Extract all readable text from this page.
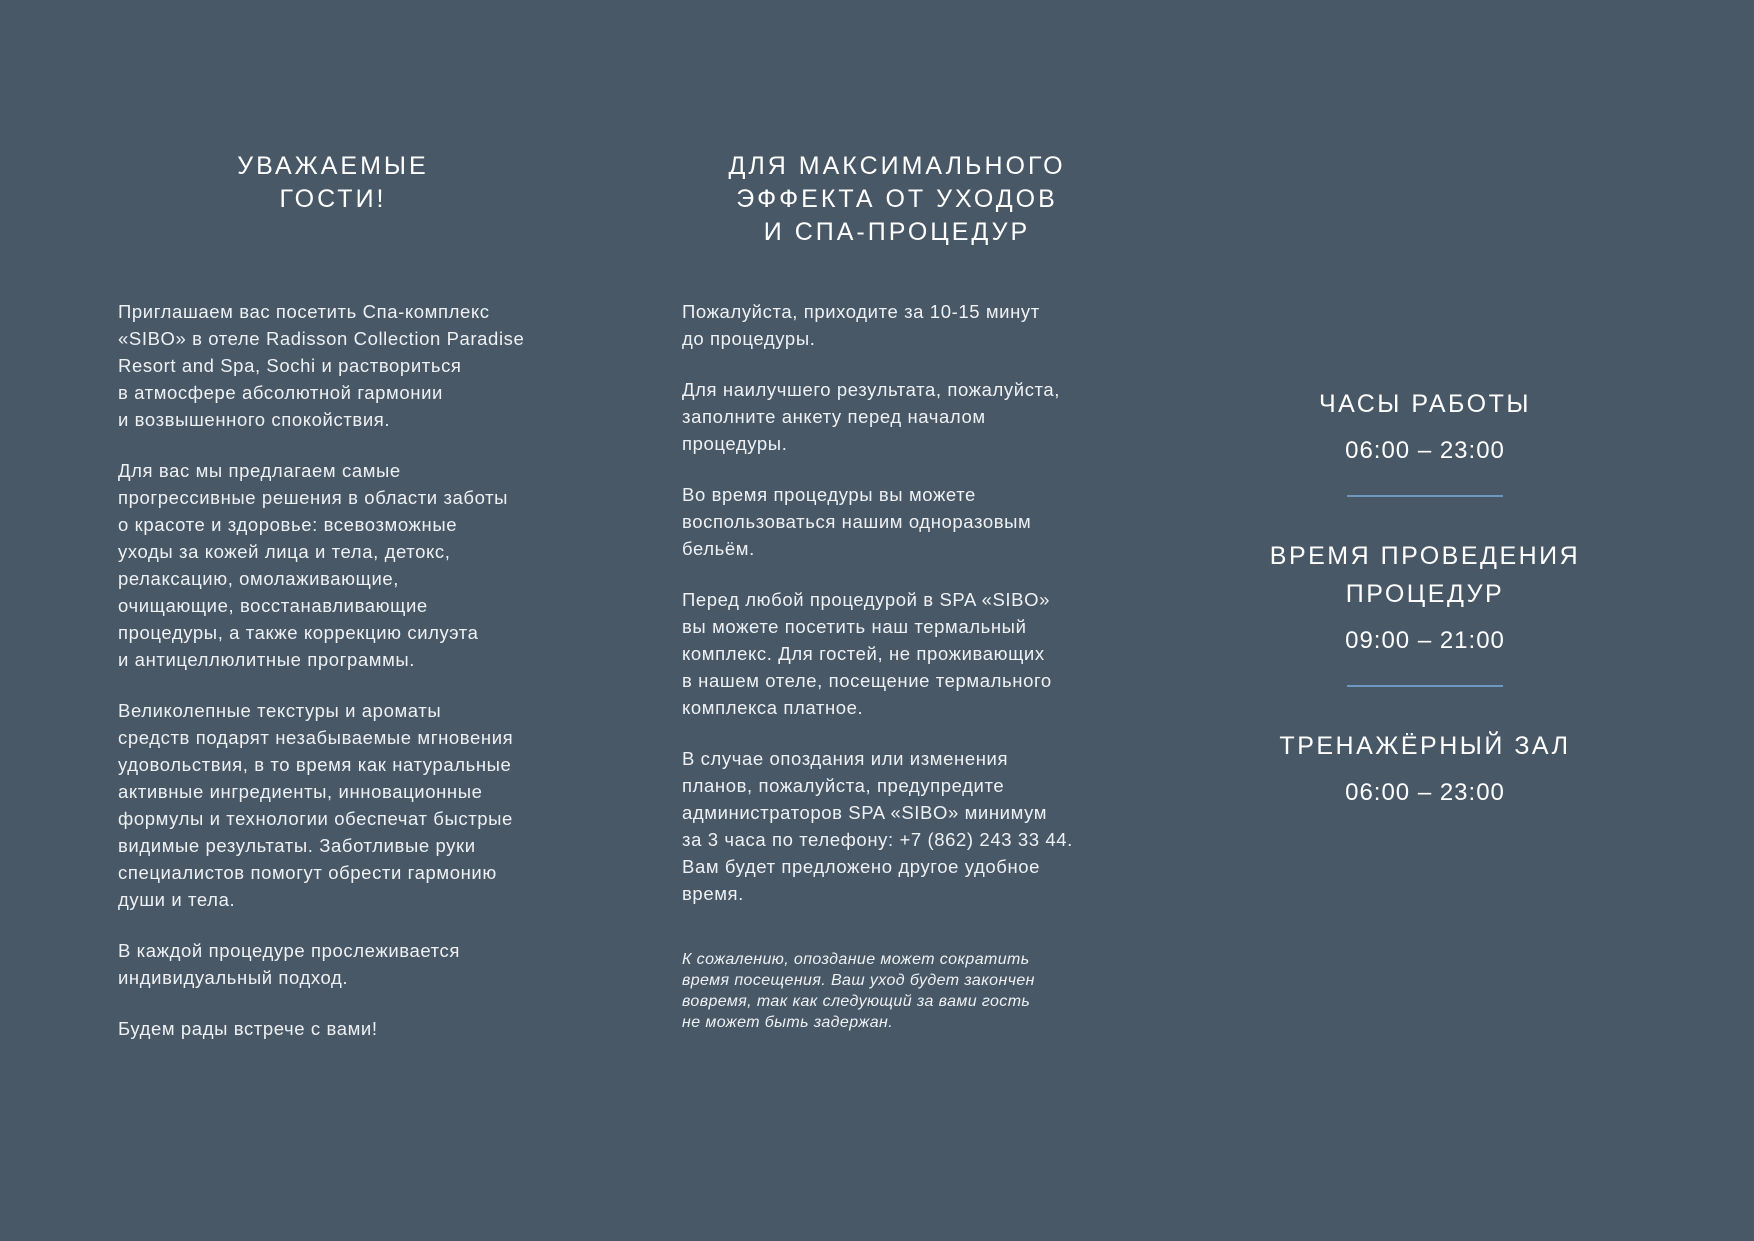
УВАЖАЕМЫЕ
ГОСТИ!

Приглашаем вас посетить Спа-комплекс
«SIBO» в отеле Radisson Collection Paradise
Resort and Spa, Sochi и раствориться
в атмосфере абсолютной гармонии
и возвышенного спокойствия.

Для вас мы предлагаем самые
прогрессивные решения в области заботы
о красоте и здоровье: всевозможные
уходы за кожей лица и тела, детокс,
релаксацию, омолаживающие,
очищающие, восстанавливающие
процедуры, а также коррекцию силуэта
и антицеллюлитные программы.

Великолепные текстуры и ароматы
средств подарят незабываемые мгновения
удовольствия, в то время как натуральные
активные ингредиенты, инновационные
формулы и технологии обеспечат быстрые
видимые результаты. Заботливые руки
специалистов помогут обрести гармонию
души и тела.

В каждой процедуре прослеживается
индивидуальный подход.

Будем рады встрече с вами!

ДЛЯ МАКСИМАЛЬНОГО
ЭФФЕКТА ОТ УХОДОВ
И СПА-ПРОЦЕДУР

Пожалуйста, приходите за 10-15 минут
до процедуры.

Для наилучшего результата, пожалуйста,
заполните анкету перед началом
процедуры.

Во время процедуры вы можете
воспользоваться нашим одноразовым
бельём.

Перед любой процедурой в SPA «SIBO»
вы можете посетить наш термальный
комплекс. Для гостей, не проживающих
в нашем отеле, посещение термального
комплекса платное.

В случае опоздания или изменения
планов, пожалуйста, предупредите
администраторов SPA «SIBO» минимум
за 3 часа по телефону: +7 (862) 243 33 44.
Вам будет предложено другое удобное
время.

К сожалению, опоздание может сократить
время посещения. Ваш уход будет закончен
вовремя, так как следующий за вами гость
не может быть задержан.

ЧАСЫ РАБОТЫ

06:00 – 23:00

ВРЕМЯ ПРОВЕДЕНИЯ
ПРОЦЕДУР

09:00 – 21:00

ТРЕНАЖЁРНЫЙ ЗАЛ

06:00 – 23:00
